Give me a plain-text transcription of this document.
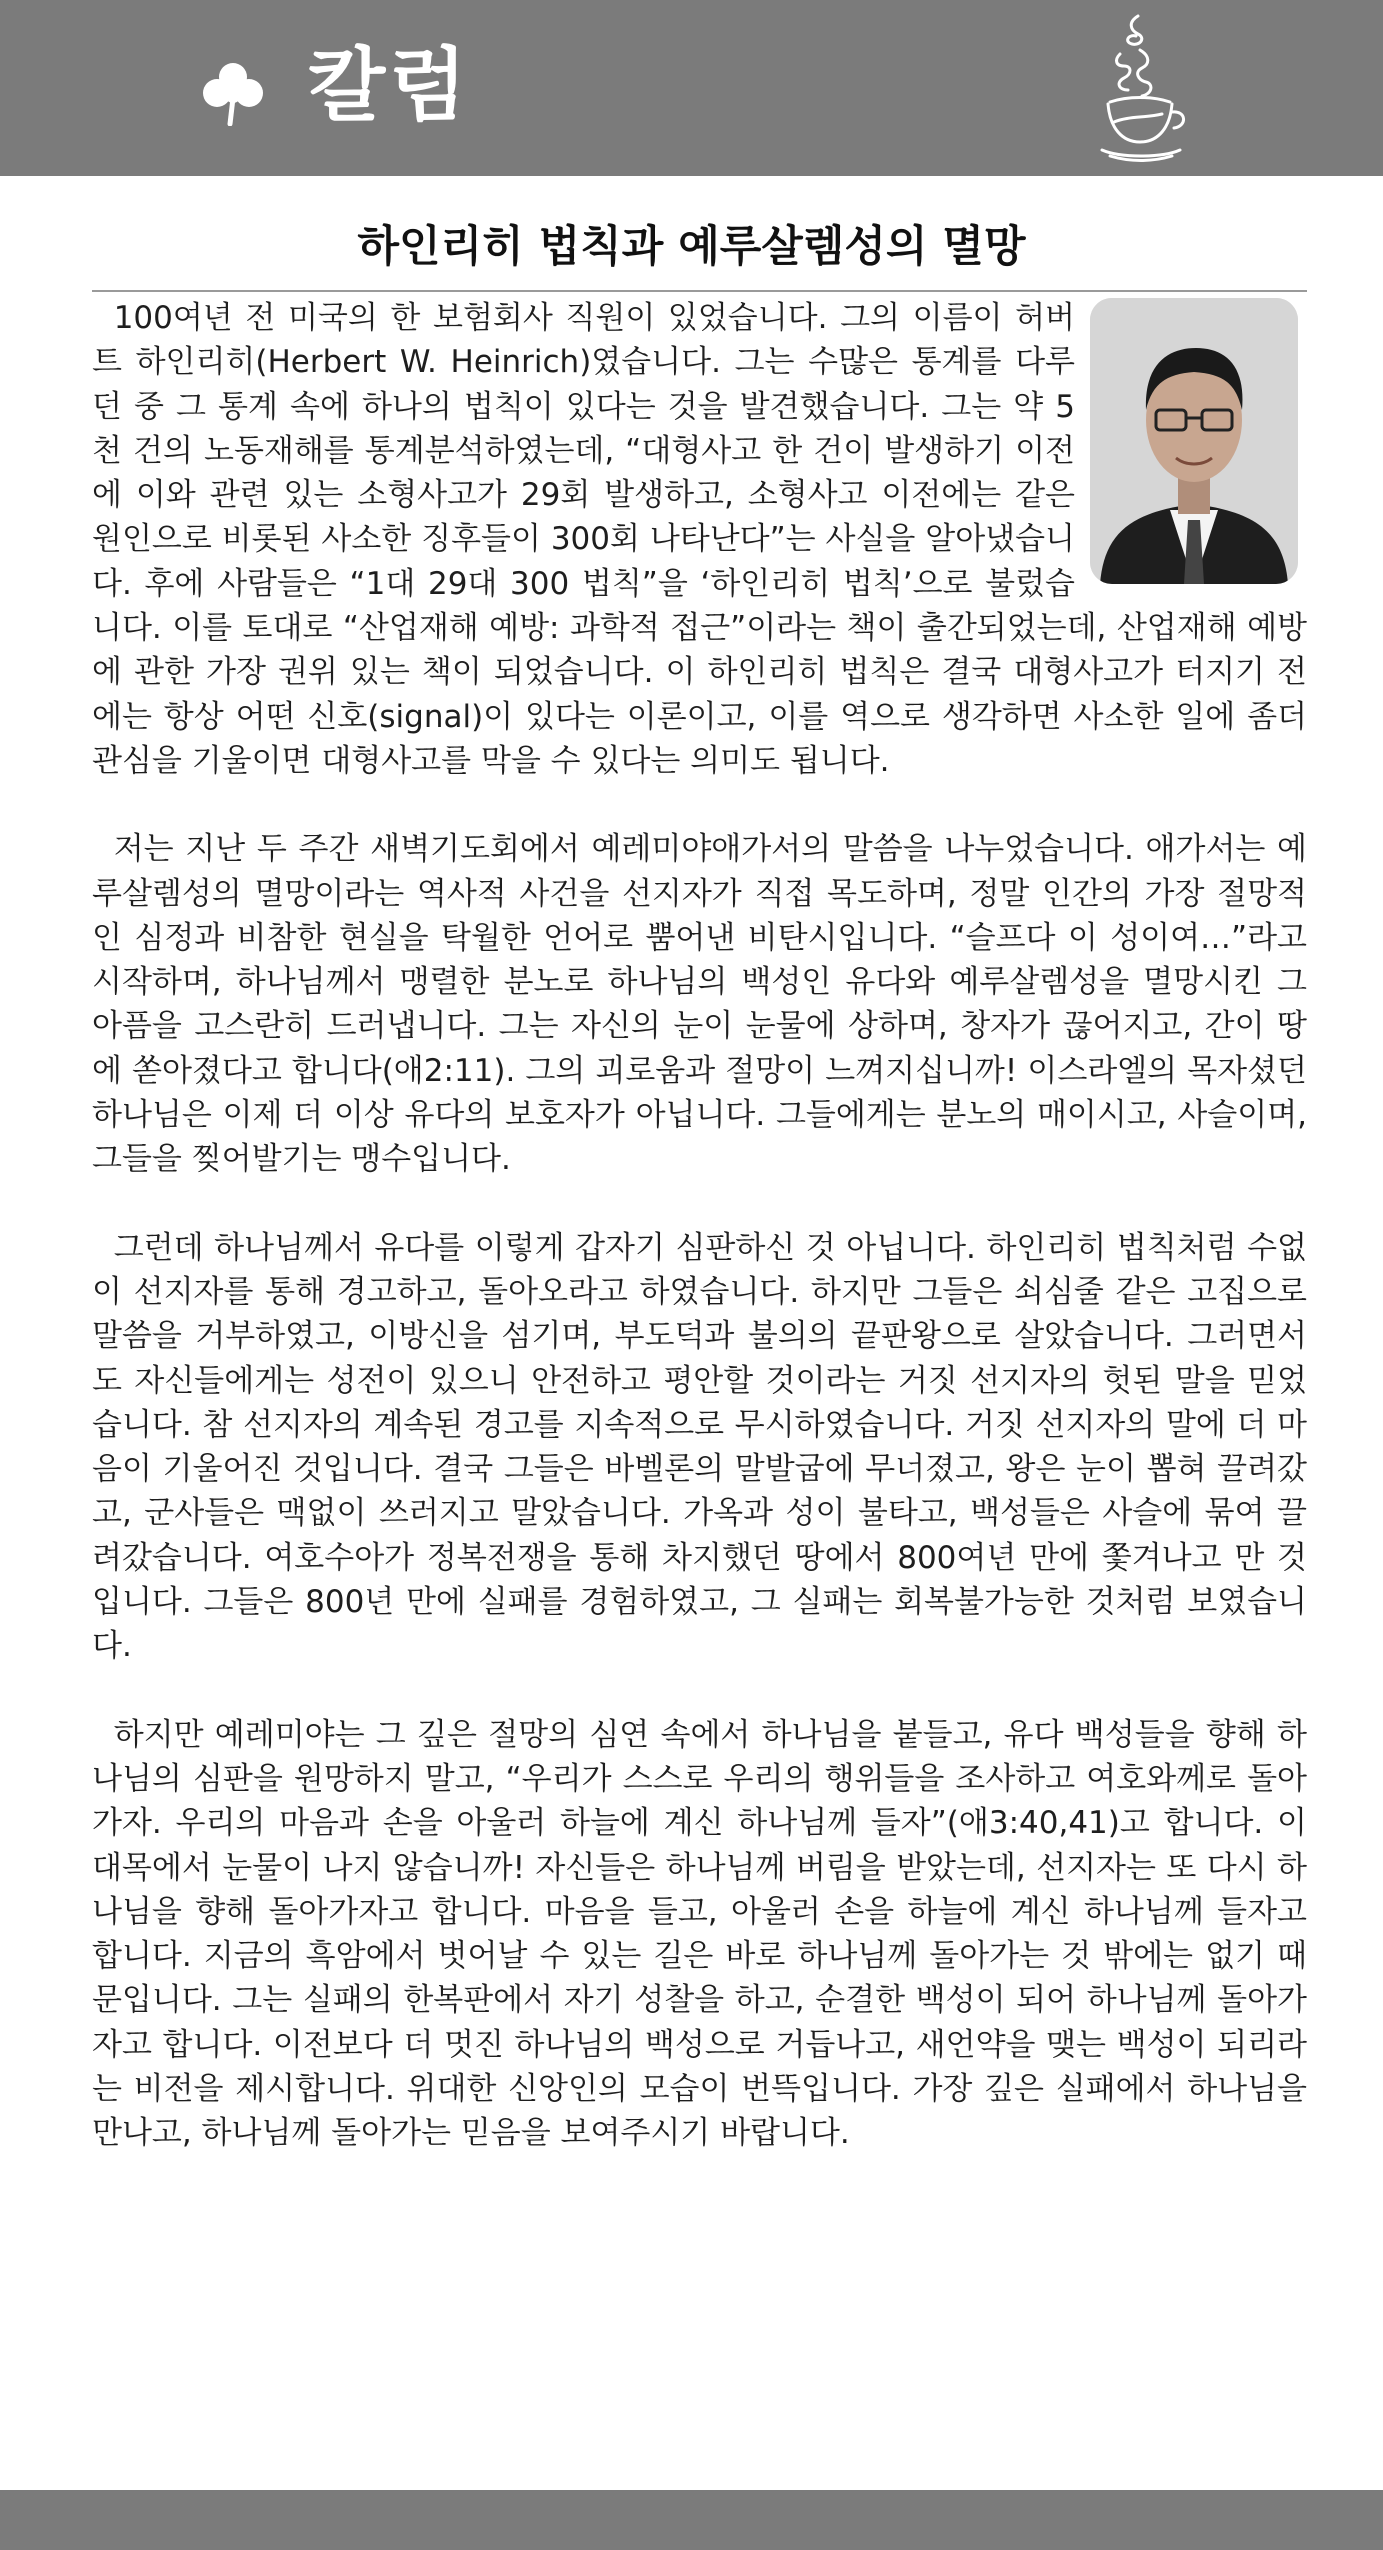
칼럼
하인리히 법칙과 예루살렘성의 멸망

100여년 전 미국의 한 보험회사 직원이 있었습니다. 그의 이름이 허버트 하인리히(Herbert W. Heinrich)였습니다. 그는 수많은 통계를 다루던 중 그 통계 속에 하나의 법칙이 있다는 것을 발견했습니다. 그는 약 5천 건의 노동재해를 통계분석하였는데, “대형사고 한 건이 발생하기 이전에 이와 관련 있는 소형사고가 29회 발생하고, 소형사고 이전에는 같은 원인으로 비롯된 사소한 징후들이 300회 나타난다”는 사실을 알아냈습니다. 후에 사람들은 “1대 29대 300 법칙”을 ‘하인리히 법칙’으로 불렀습니다. 이를 토대로 “산업재해 예방: 과학적 접근”이라는 책이 출간되었는데, 산업재해 예방에 관한 가장 권위 있는 책이 되었습니다. 이 하인리히 법칙은 결국 대형사고가 터지기 전에는 항상 어떤 신호(signal)이 있다는 이론이고, 이를 역으로 생각하면 사소한 일에 좀더 관심을 기울이면 대형사고를 막을 수 있다는 의미도 됩니다.

저는 지난 두 주간 새벽기도회에서 예레미야애가서의 말씀을 나누었습니다. 애가서는 예루살렘성의 멸망이라는 역사적 사건을 선지자가 직접 목도하며, 정말 인간의 가장 절망적인 심정과 비참한 현실을 탁월한 언어로 뿜어낸 비탄시입니다. “슬프다 이 성이여…”라고 시작하며, 하나님께서 맹렬한 분노로 하나님의 백성인 유다와 예루살렘성을 멸망시킨 그 아픔을 고스란히 드러냅니다. 그는 자신의 눈이 눈물에 상하며, 창자가 끊어지고, 간이 땅에 쏟아졌다고 합니다(애2:11). 그의 괴로움과 절망이 느껴지십니까! 이스라엘의 목자셨던 하나님은 이제 더 이상 유다의 보호자가 아닙니다. 그들에게는 분노의 매이시고, 사슬이며, 그들을 찢어발기는 맹수입니다.

그런데 하나님께서 유다를 이렇게 갑자기 심판하신 것 아닙니다. 하인리히 법칙처럼 수없이 선지자를 통해 경고하고, 돌아오라고 하였습니다. 하지만 그들은 쇠심줄 같은 고집으로 말씀을 거부하였고, 이방신을 섬기며, 부도덕과 불의의 끝판왕으로 살았습니다. 그러면서도 자신들에게는 성전이 있으니 안전하고 평안할 것이라는 거짓 선지자의 헛된 말을 믿었습니다. 참 선지자의 계속된 경고를 지속적으로 무시하였습니다. 거짓 선지자의 말에 더 마음이 기울어진 것입니다. 결국 그들은 바벨론의 말발굽에 무너졌고, 왕은 눈이 뽑혀 끌려갔고, 군사들은 맥없이 쓰러지고 말았습니다. 가옥과 성이 불타고, 백성들은 사슬에 묶여 끌려갔습니다. 여호수아가 정복전쟁을 통해 차지했던 땅에서 800여년 만에 쫓겨나고 만 것입니다. 그들은 800년 만에 실패를 경험하였고, 그 실패는 회복불가능한 것처럼 보였습니다.

하지만 예레미야는 그 깊은 절망의 심연 속에서 하나님을 붙들고, 유다 백성들을 향해 하나님의 심판을 원망하지 말고, “우리가 스스로 우리의 행위들을 조사하고 여호와께로 돌아가자. 우리의 마음과 손을 아울러 하늘에 계신 하나님께 들자”(애3:40,41)고 합니다. 이 대목에서 눈물이 나지 않습니까! 자신들은 하나님께 버림을 받았는데, 선지자는 또 다시 하나님을 향해 돌아가자고 합니다. 마음을 들고, 아울러 손을 하늘에 계신 하나님께 들자고 합니다. 지금의 흑암에서 벗어날 수 있는 길은 바로 하나님께 돌아가는 것 밖에는 없기 때문입니다. 그는 실패의 한복판에서 자기 성찰을 하고, 순결한 백성이 되어 하나님께 돌아가자고 합니다. 이전보다 더 멋진 하나님의 백성으로 거듭나고, 새언약을 맺는 백성이 되리라는 비전을 제시합니다. 위대한 신앙인의 모습이 번뜩입니다. 가장 깊은 실패에서 하나님을 만나고, 하나님께 돌아가는 믿음을 보여주시기 바랍니다.
